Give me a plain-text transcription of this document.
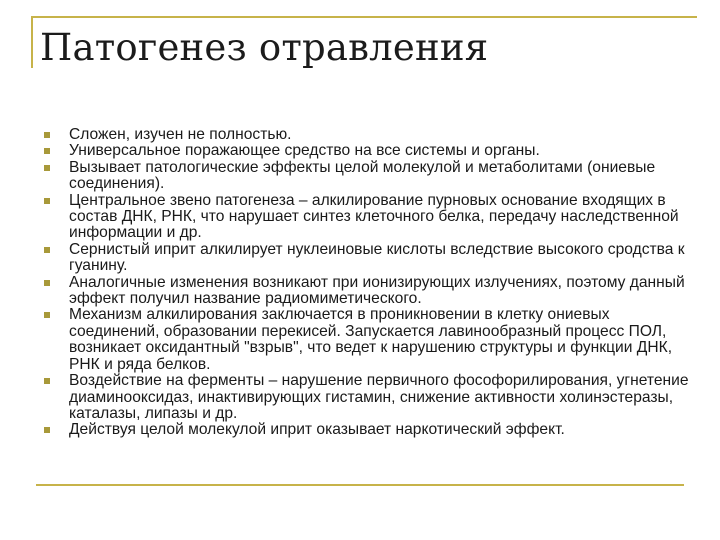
Патогенез отравления
Сложен, изучен не полностью.
Универсальное поражающее средство на все системы и органы.
Вызывает патологические эффекты целой молекулой и метаболитами (ониевые соединения).
Центральное звено патогенеза – алкилирование пурновых основание входящих в состав ДНК, РНК, что нарушает синтез клеточного белка, передачу наследственной информации и др.
Сернистый иприт алкилирует нуклеиновые кислоты вследствие высокого сродства к гуанину.
Аналогичные изменения возникают при ионизирующих излучениях, поэтому данный эффект получил название радиомиметического.
Механизм алкилирования заключается в проникновении в клетку ониевых соединений, образовании перекисей. Запускается лавинообразный процесс ПОЛ, возникает оксидантный "взрыв", что ведет к нарушению структуры и функции ДНК, РНК и ряда белков.
Воздействие на ферменты – нарушение первичного фософорилирования, угнетение диаминооксидаз, инактивирующих гистамин, снижение активности холинэстеразы, каталазы, липазы и др.
Действуя целой молекулой иприт оказывает наркотический эффект.
